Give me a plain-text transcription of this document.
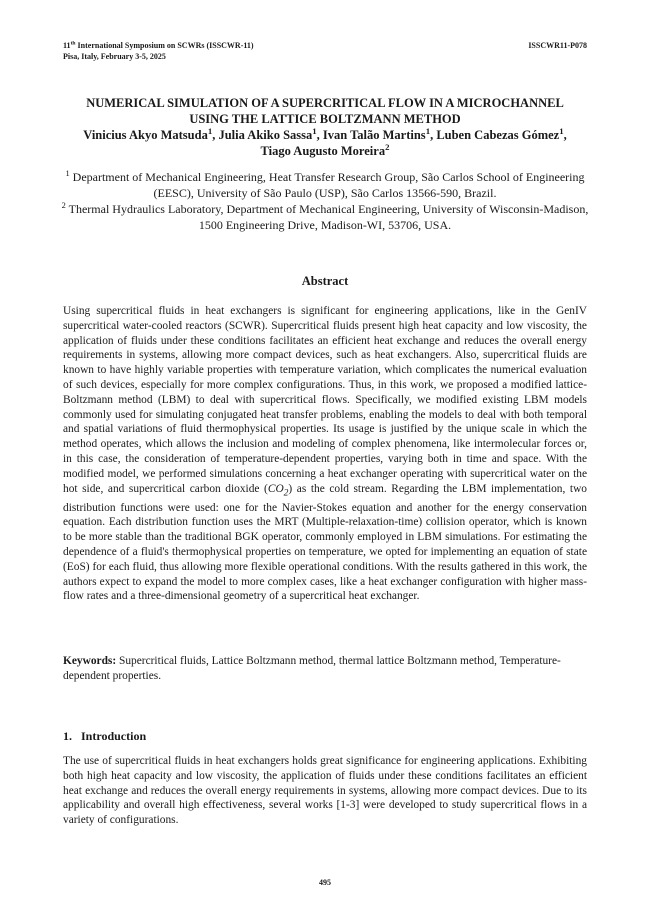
11th International Symposium on SCWRs (ISSCWR-11)
Pisa, Italy, February 3-5, 2025
ISSCWR11-P078
NUMERICAL SIMULATION OF A SUPERCRITICAL FLOW IN A MICROCHANNEL
USING THE LATTICE BOLTZMANN METHOD
Vinicius Akyo Matsuda$^1$, Julia Akiko Sassa$^1$, Ivan Talão Martins$^1$, Luben Cabezas Gómez$^1$,
Tiago Augusto Moreira$^2$
$^1$ Department of Mechanical Engineering, Heat Transfer Research Group, São Carlos School of Engineering (EESC), University of São Paulo (USP), São Carlos 13566-590, Brazil.
$^2$ Thermal Hydraulics Laboratory, Department of Mechanical Engineering, University of Wisconsin-Madison, 1500 Engineering Drive, Madison-WI, 53706, USA.
Abstract
Using supercritical fluids in heat exchangers is significant for engineering applications, like in the GenIV supercritical water-cooled reactors (SCWR). Supercritical fluids present high heat capacity and low viscosity, the application of fluids under these conditions facilitates an efficient heat exchange and reduces the overall energy requirements in systems, allowing more compact devices, such as heat exchangers. Also, supercritical fluids are known to have highly variable properties with temperature variation, which complicates the numerical evaluation of such devices, especially for more complex configurations. Thus, in this work, we proposed a modified lattice-Boltzmann method (LBM) to deal with supercritical flows. Specifically, we modified existing LBM models commonly used for simulating conjugated heat transfer problems, enabling the models to deal with both temporal and spatial variations of fluid thermophysical properties. Its usage is justified by the unique scale in which the method operates, which allows the inclusion and modeling of complex phenomena, like intermolecular forces or, in this case, the consideration of temperature-dependent properties, varying both in time and space. With the modified model, we performed simulations concerning a heat exchanger operating with supercritical water on the hot side, and supercritical carbon dioxide $(CO_2)$ as the cold stream. Regarding the LBM implementation, two distribution functions were used: one for the Navier-Stokes equation and another for the energy conservation equation. Each distribution function uses the MRT (Multiple-relaxation-time) collision operator, which is known to be more stable than the traditional BGK operator, commonly employed in LBM simulations. For estimating the dependence of a fluid's thermophysical properties on temperature, we opted for implementing an equation of state (EoS) for each fluid, thus allowing more flexible operational conditions. With the results gathered in this work, the authors expect to expand the model to more complex cases, like a heat exchanger configuration with higher mass-flow rates and a three-dimensional geometry of a supercritical heat exchanger.
Keywords: Supercritical fluids, Lattice Boltzmann method, thermal lattice Boltzmann method, Temperature-dependent properties.
1. Introduction
The use of supercritical fluids in heat exchangers holds great significance for engineering applications. Exhibiting both high heat capacity and low viscosity, the application of fluids under these conditions facilitates an efficient heat exchange and reduces the overall energy requirements in systems, allowing more compact devices. Due to its applicability and overall high effectiveness, several works [1-3] were developed to study supercritical flows in a variety of configurations.
495
